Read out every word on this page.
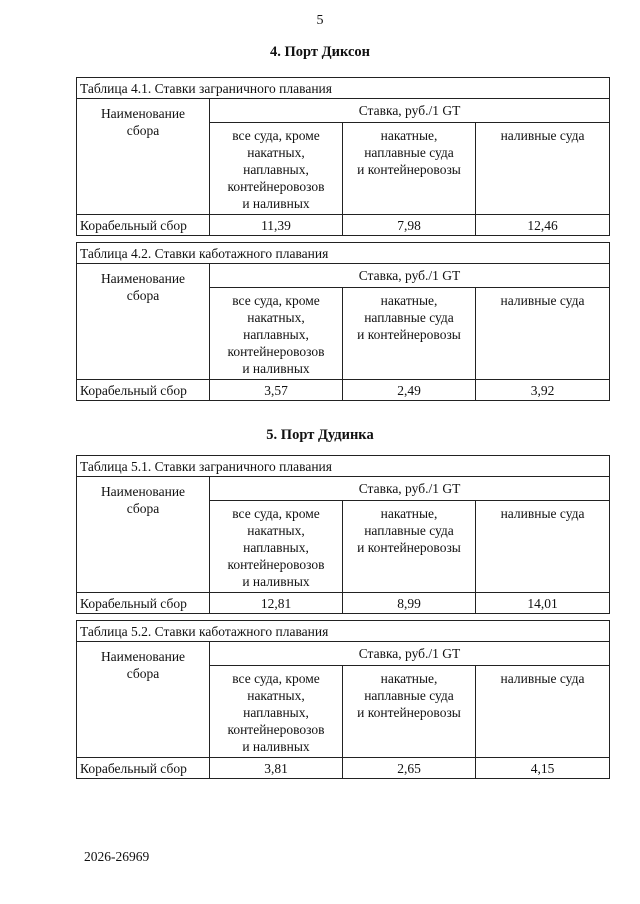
5
4. Порт Диксон
Таблица 4.1. Ставки заграничного плавания			

Наименование
сбора	Ставка, руб./1 GT		

	все суда, кроме
накатных,
наплавных,
контейнеровозов
и наливных	накатные,
наплавные суда
и контейнеровозы	наливные суда

Корабельный сбор	11,39	7,98	12,46
Таблица 4.2. Ставки каботажного плавания			

Наименование
сбора	Ставка, руб./1 GT		

	все суда, кроме
накатных,
наплавных,
контейнеровозов
и наливных	накатные,
наплавные суда
и контейнеровозы	наливные суда

Корабельный сбор	3,57	2,49	3,92
5. Порт Дудинка
Таблица 5.1. Ставки заграничного плавания			

Наименование
сбора	Ставка, руб./1 GT		

	все суда, кроме
накатных,
наплавных,
контейнеровозов
и наливных	накатные,
наплавные суда
и контейнеровозы	наливные суда

Корабельный сбор	12,81	8,99	14,01
Таблица 5.2. Ставки каботажного плавания			

Наименование
сбора	Ставка, руб./1 GT		

	все суда, кроме
накатных,
наплавных,
контейнеровозов
и наливных	накатные,
наплавные суда
и контейнеровозы	наливные суда

Корабельный сбор	3,81	2,65	4,15
2026-26969
